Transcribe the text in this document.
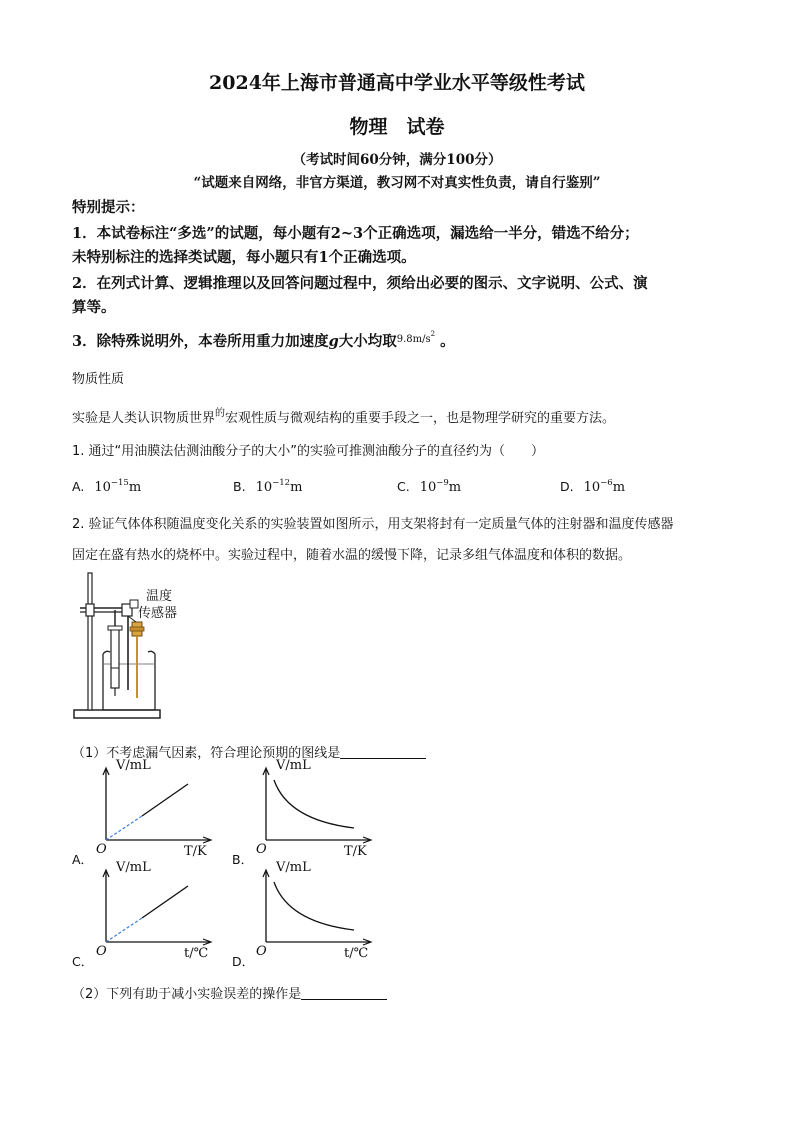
2024年上海市普通高中学业水平等级性考试
物理　试卷
（考试时间60分钟，满分100分）
“试题来自网络，非官方渠道，教习网不对真实性负责，请自行鉴别”
特别提示：
1．本试卷标注“多选”的试题，每小题有2~3个正确选项，漏选给一半分，错选不给分；
未特别标注的选择类试题，每小题只有1个正确选项。
2．在列式计算、逻辑推理以及回答问题过程中，须给出必要的图示、文字说明、公式、演
算等。
3．除特殊说明外，本卷所用重力加速度g大小均取$^{9.8m/s^2}$ 。
物质性质
实验是人类认识物质世界$^的$宏观性质与微观结构的重要手段之一，也是物理学研究的重要方法。
1. 通过“用油膜法估测油酸分子的大小”的实验可推测油酸分子的直径约为（　　）
A. $10^{-15}m$	B. $10^{-12}m$	C. $10^{-9}m$	D. $10^{-6}m$
2. 验证气体体积随温度变化关系的实验装置如图所示，用支架将封有一定质量气体的注射器和温度传感器
固定在盛有热水的烧杯中。实验过程中，随着水温的缓慢下降，记录多组气体温度和体积的数据。
温度
传感器
（1）不考虑漏气因素，符合理论预期的图线是
V/mL
T/K
O
A．
V/mL
T/K
O
B．
V/mL
t/℃
O
C．
V/mL
t/℃
O
D．
（2）下列有助于减小实验误差的操作是
